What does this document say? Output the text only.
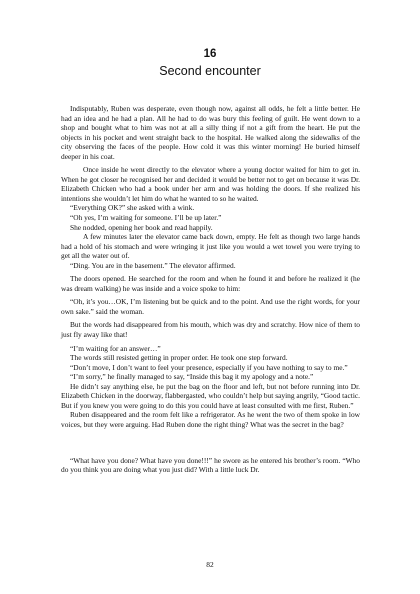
16
Second encounter

Indisputably, Ruben was desperate, even though now, against all odds, he felt a little better. He had an idea and he had a plan. All he had to do was bury this feeling of guilt. He went down to a shop and bought what to him was not at all a silly thing if not a gift from the heart. He put the objects in his pocket and went straight back to the hospital. He walked along the sidewalks of the city observing the faces of the people. How cold it was this winter morning! He buried himself deeper in his coat.

Once inside he went directly to the elevator where a young doctor waited for him to get in. When he got closer he recognised her and decided it would be better not to get on because it was Dr. Elizabeth Chicken who had a book under her arm and was holding the doors. If she realized his intentions she wouldn’t let him do what he wanted to so he waited.

“Everything OK?” she asked with a wink.

“Oh yes, I’m waiting for someone. I’ll be up later.”

She nodded, opening her book and read happily.

A few minutes later the elevator came back down, empty. He felt as though two large hands had a hold of his stomach and were wringing it just like you would a wet towel you were trying to get all the water out of.

“Ding. You are in the basement.” The elevator affirmed.

The doors opened. He searched for the room and when he found it and before he realized it (he was dream walking) he was inside and a voice spoke to him:

“Oh, it’s you…OK, I’m listening but be quick and to the point. And use the right words, for your own sake.” said the woman.

But the words had disappeared from his mouth, which was dry and scratchy. How nice of them to just fly away like that!

“I’m waiting for an answer…”

The words still resisted getting in proper order. He took one step forward.

“Don’t move, I don’t want to feel your presence, especially if you have nothing to say to me.”

“I’m sorry,” he finally managed to say, “Inside this bag it my apology and a note.”

He didn’t say anything else, he put the bag on the floor and left, but not before running into Dr. Elizabeth Chicken in the doorway, flabbergasted, who couldn’t help but saying angrily, “Good tactic. But if you knew you were going to do this you could have at least consulted with me first, Ruben.”

Ruben disappeared and the room felt like a refrigerator. As he went the two of them spoke in low voices, but they were arguing. Had Ruben done the right thing? What was the secret in the bag?

“What have you done? What have you done!!!” he swore as he entered his brother’s room. “Who do you think you are doing what you just did? With a little luck Dr.

82
